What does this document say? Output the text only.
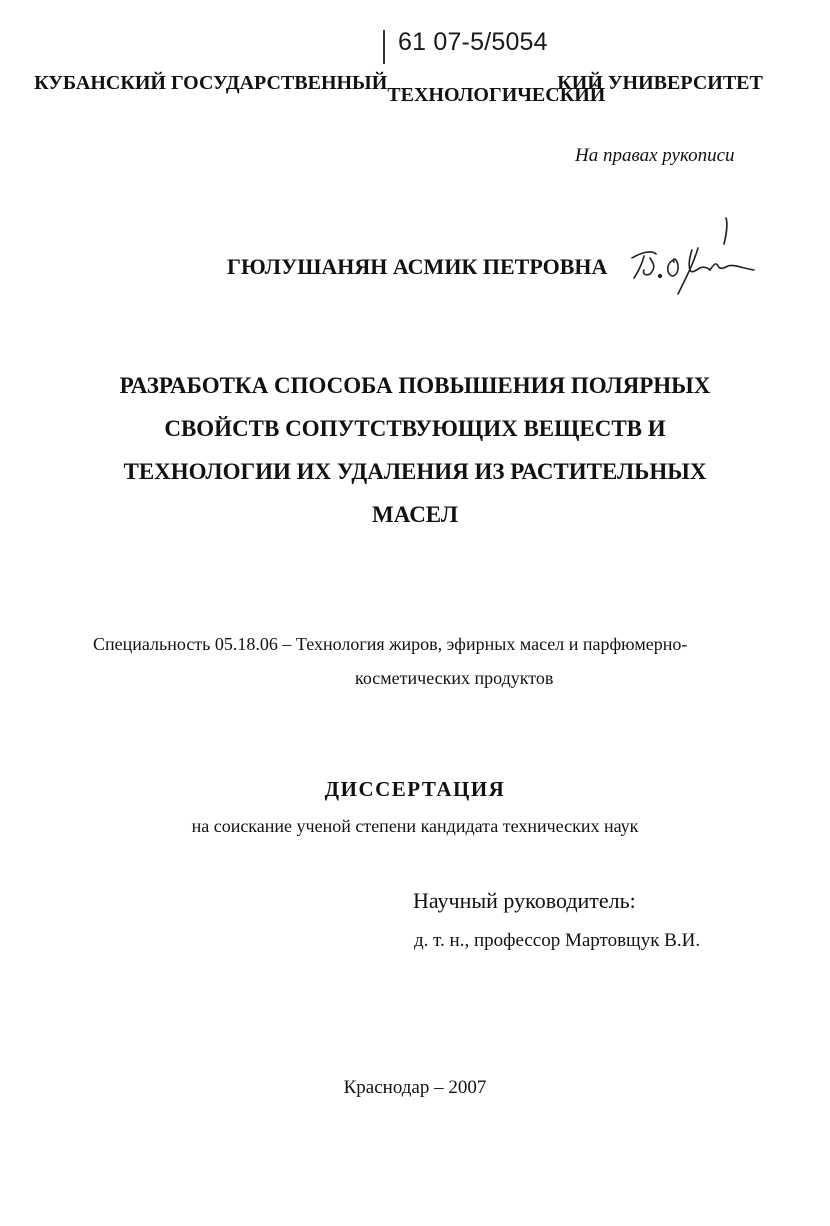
61 07-5/5054
КУБАНСКИЙ ГОСУДАРСТВЕННЫЙ
ТЕХНОЛОГИЧЕСКИЙ
КИЙ УНИВЕРСИТЕТ
На правах рукописи
ГЮЛУШАНЯН АСМИК ПЕТРОВНА
РАЗРАБОТКА СПОСОБА ПОВЫШЕНИЯ ПОЛЯРНЫХ
СВОЙСТВ СОПУТСТВУЮЩИХ ВЕЩЕСТВ И
ТЕХНОЛОГИИ ИХ УДАЛЕНИЯ ИЗ РАСТИТЕЛЬНЫХ
МАСЕЛ
Специальность 05.18.06 – Технология жиров, эфирных масел и парфюмерно-
косметических продуктов
ДИССЕРТАЦИЯ
на соискание ученой степени кандидата технических наук
Научный руководитель:
д. т. н., профессор Мартовщук В.И.
Краснодар – 2007
